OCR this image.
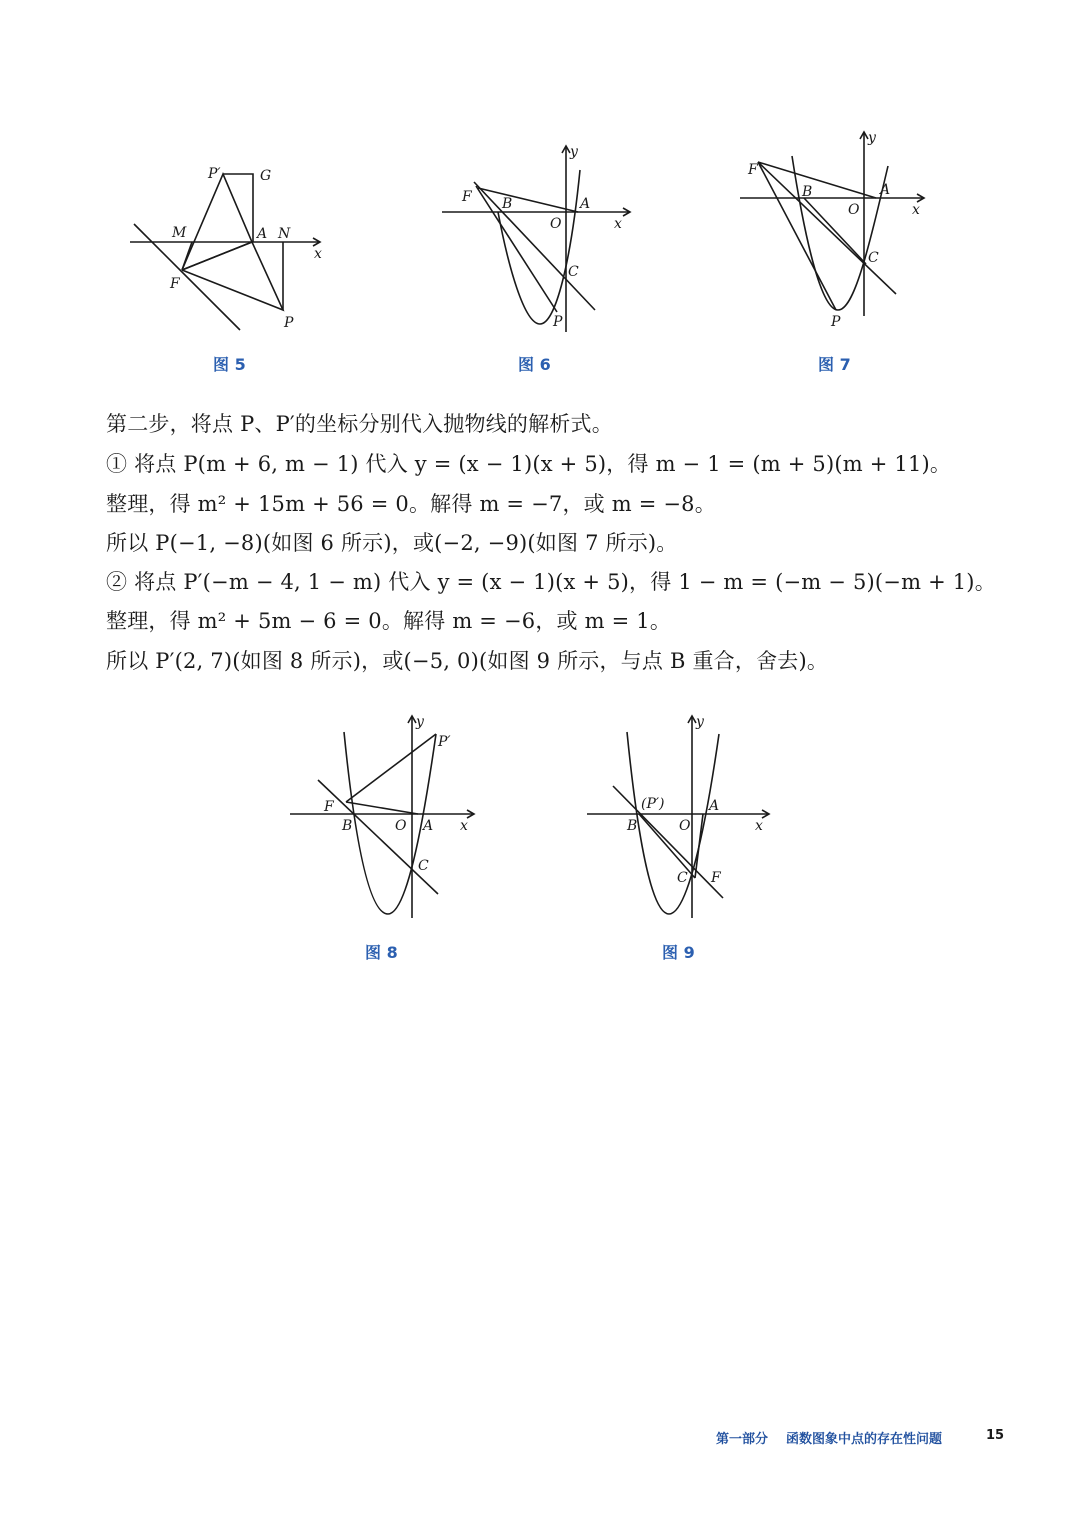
P′	G
M	A N
x
F
P
图 5
y
F B
O
A
x
C
P
图 6
y
F
B
O
A
x
C
P
图 7
第二步，将点 P、P′的坐标分别代入抛物线的解析式。
① 将点 P(m + 6, m − 1) 代入 y = (x − 1)(x + 5)，得 m − 1 = (m + 5)(m + 11)。
整理，得 m² + 15m + 56 = 0。解得 m = −7，或 m = −8。
所以 P(−1, −8)(如图 6 所示)，或(−2, −9)(如图 7 所示)。
② 将点 P′(−m − 4, 1 − m) 代入 y = (x − 1)(x + 5)，得 1 − m = (−m − 5)(−m + 1)。
整理，得 m² + 5m − 6 = 0。解得 m = −6，或 m = 1。
所以 P′(2, 7)(如图 8 所示)，或(−5, 0)(如图 9 所示，与点 B 重合，舍去)。
y
P′
F
B	O A x
C
图 8
y
(P′)	A
B	O	x
C F
图 9
第一部分 函数图象中点的存在性问题	15
